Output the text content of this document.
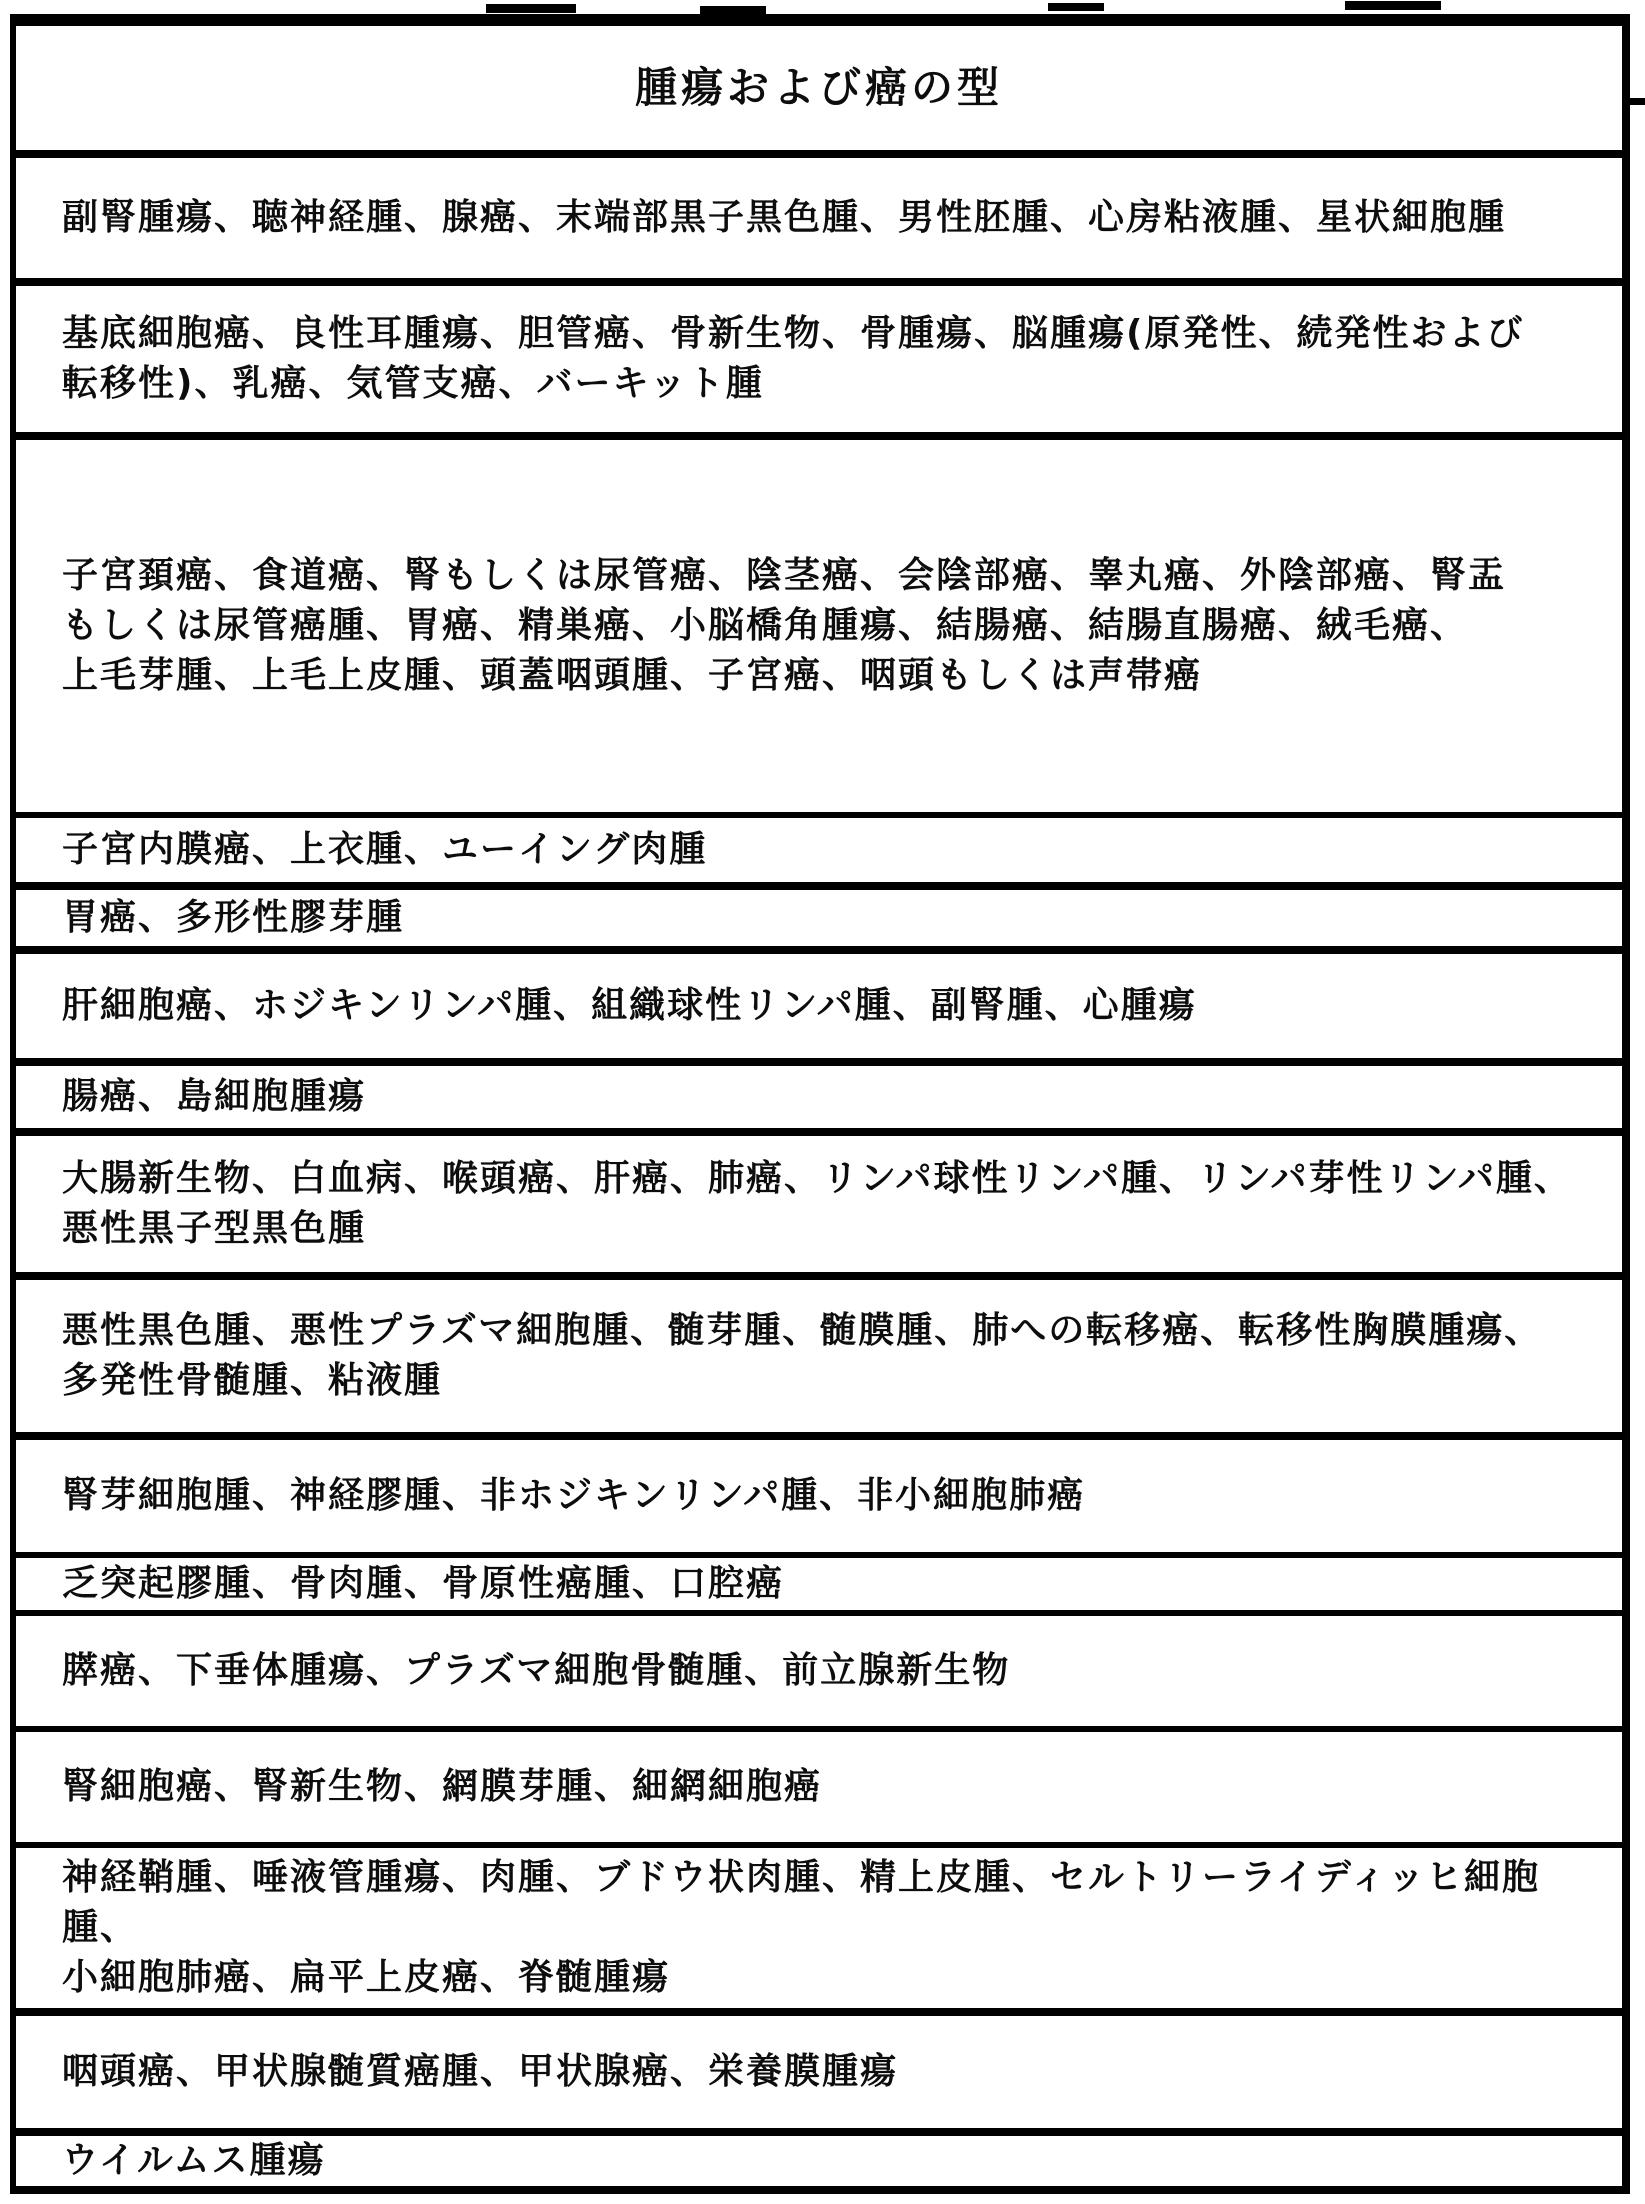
腫瘍および癌の型
副腎腫瘍、聴神経腫、腺癌、末端部黒子黒色腫、男性胚腫、心房粘液腫、星状細胞腫
基底細胞癌、良性耳腫瘍、胆管癌、骨新生物、骨腫瘍、脳腫瘍(原発性、続発性および
転移性)、乳癌、気管支癌、バーキット腫
子宮頚癌、食道癌、腎もしくは尿管癌、陰茎癌、会陰部癌、睾丸癌、外陰部癌、腎盂
もしくは尿管癌腫、胃癌、精巣癌、小脳橋角腫瘍、結腸癌、結腸直腸癌、絨毛癌、
上毛芽腫、上毛上皮腫、頭蓋咽頭腫、子宮癌、咽頭もしくは声帯癌
子宮内膜癌、上衣腫、ユーイング肉腫
胃癌、多形性膠芽腫
肝細胞癌、ホジキンリンパ腫、組織球性リンパ腫、副腎腫、心腫瘍
腸癌、島細胞腫瘍
大腸新生物、白血病、喉頭癌、肝癌、肺癌、リンパ球性リンパ腫、リンパ芽性リンパ腫、
悪性黒子型黒色腫
悪性黒色腫、悪性プラズマ細胞腫、髄芽腫、髄膜腫、肺への転移癌、転移性胸膜腫瘍、
多発性骨髄腫、粘液腫
腎芽細胞腫、神経膠腫、非ホジキンリンパ腫、非小細胞肺癌
乏突起膠腫、骨肉腫、骨原性癌腫、口腔癌
膵癌、下垂体腫瘍、プラズマ細胞骨髄腫、前立腺新生物
腎細胞癌、腎新生物、網膜芽腫、細網細胞癌
神経鞘腫、唾液管腫瘍、肉腫、ブドウ状肉腫、精上皮腫、セルトリーライディッヒ細胞腫、
小細胞肺癌、扁平上皮癌、脊髄腫瘍
咽頭癌、甲状腺髄質癌腫、甲状腺癌、栄養膜腫瘍
ウイルムス腫瘍
